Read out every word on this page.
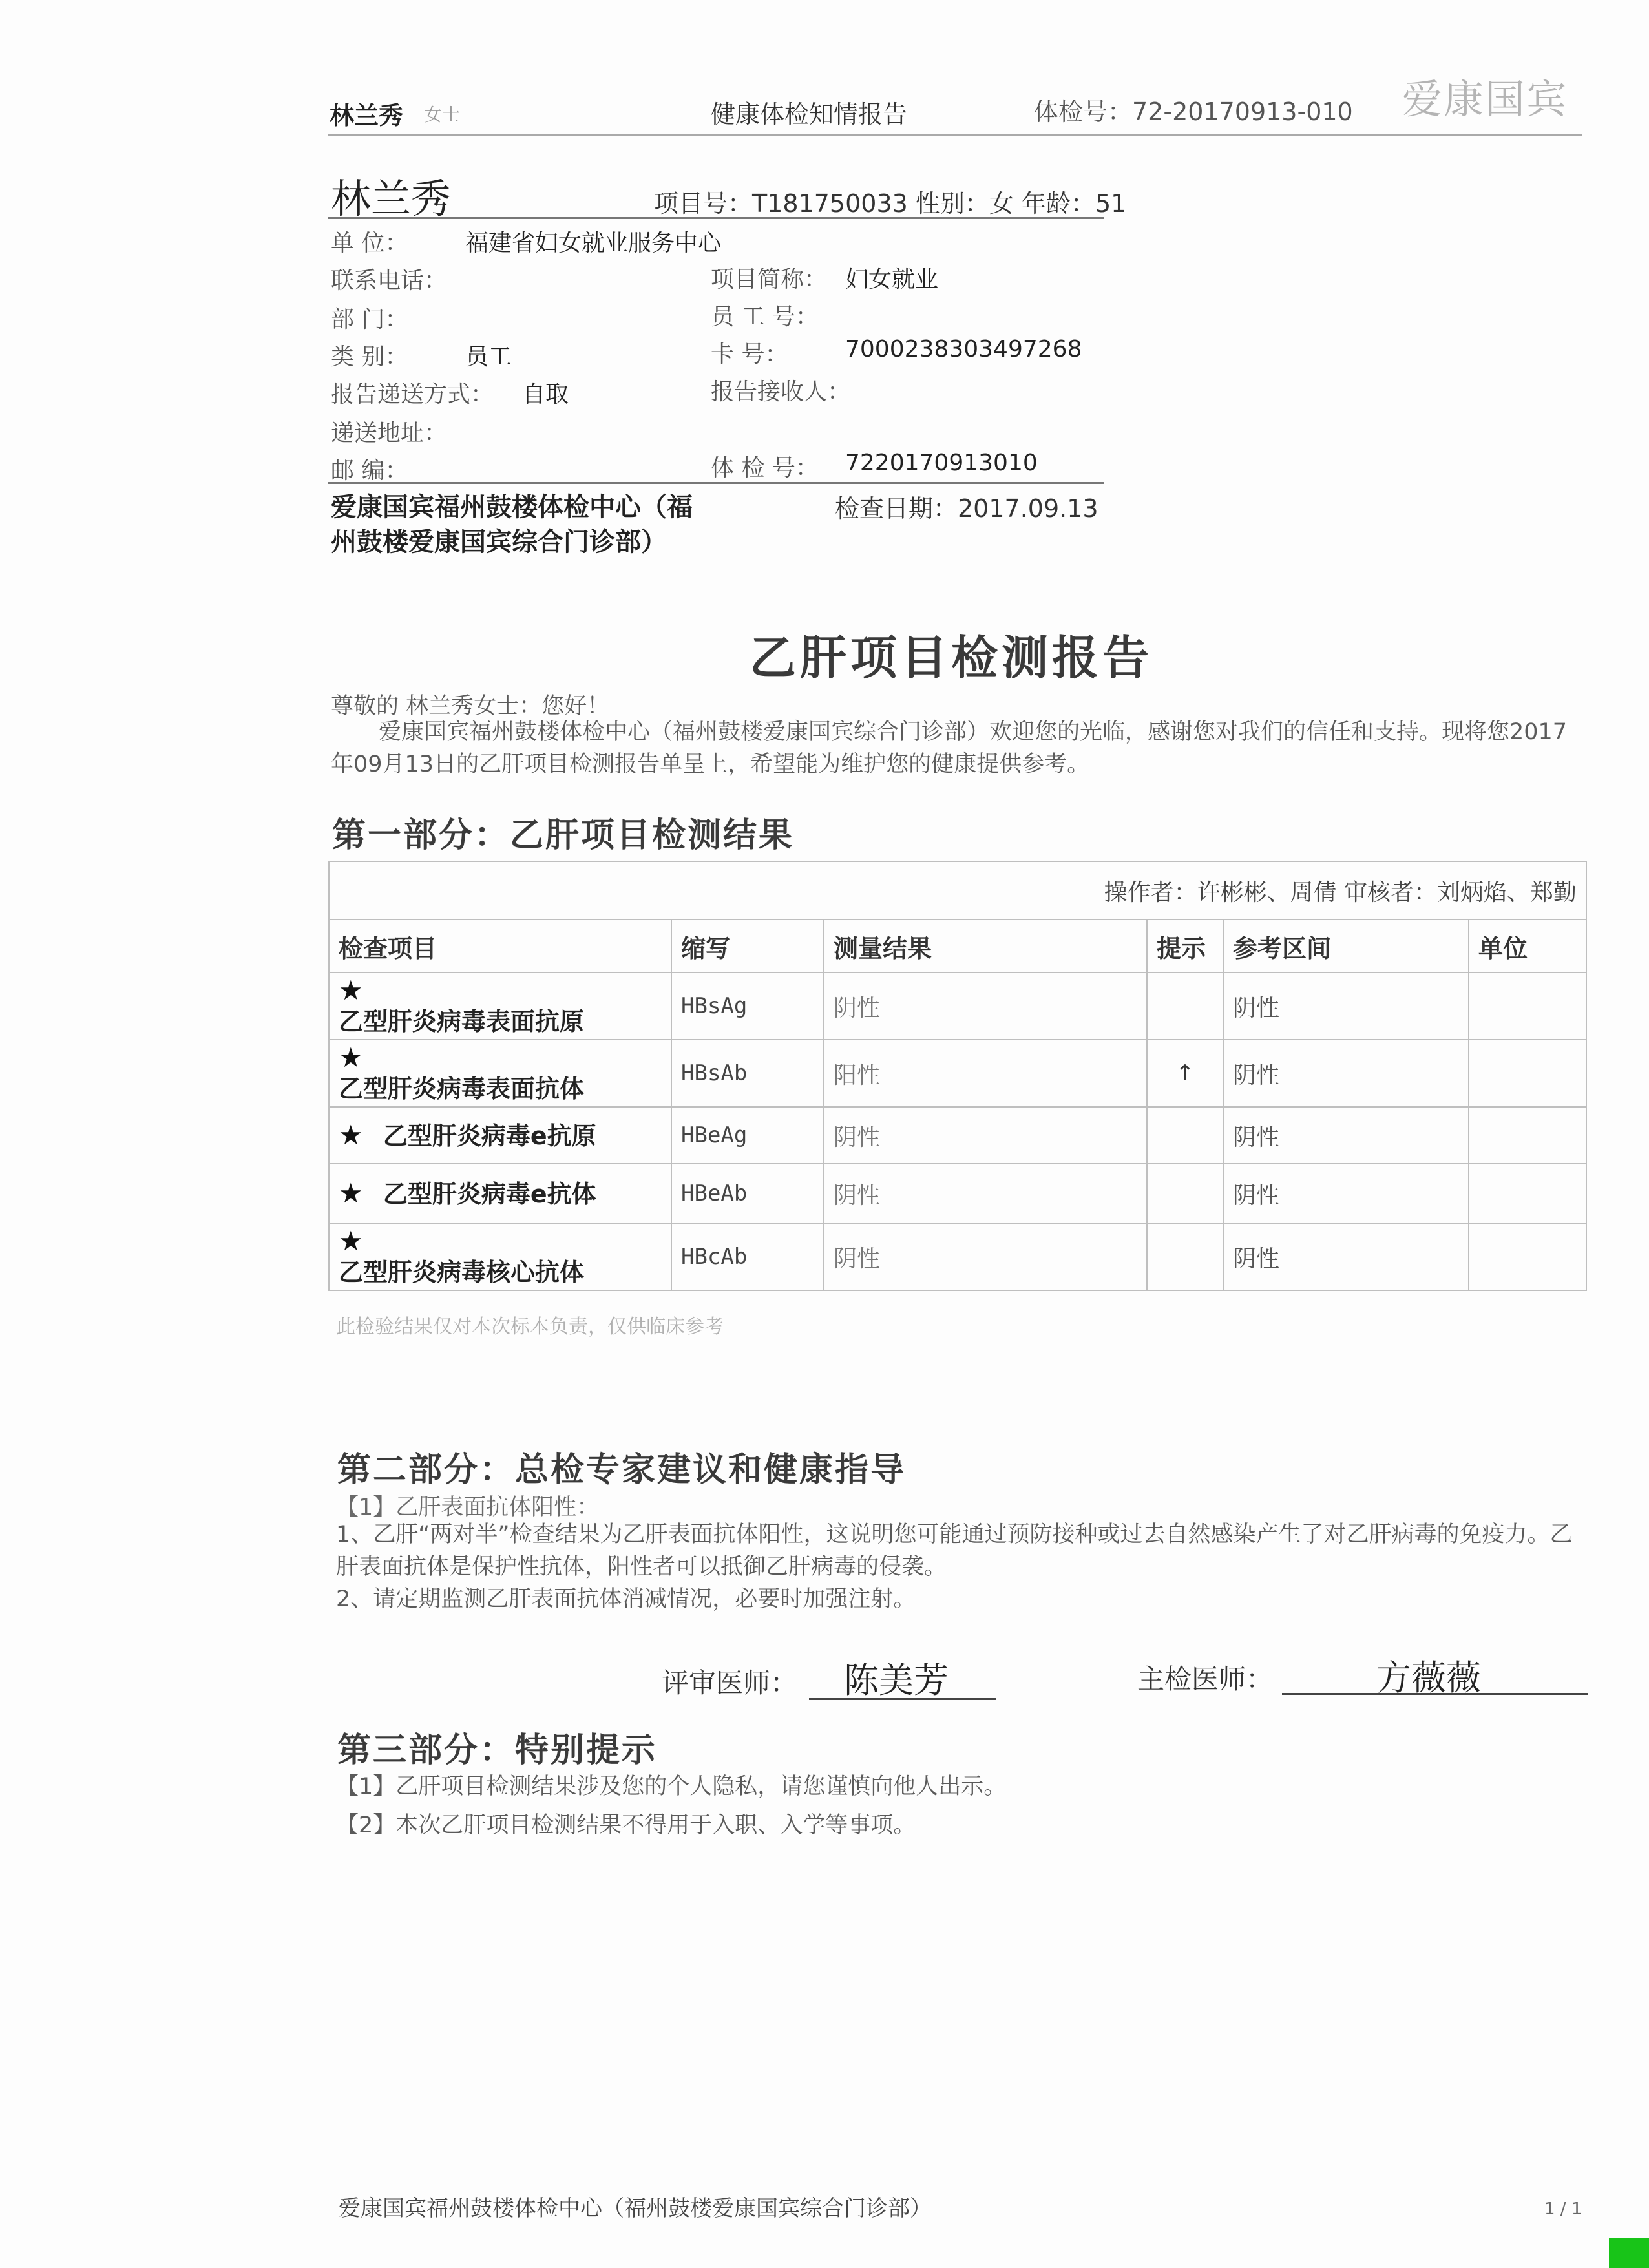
林兰秀 女士	健康体检知情报告	体检号：72-20170913-010 爱康国宾
林兰秀	项目号：T181750033 性别：女 年龄：51
单 位： 福建省妇女就业服务中心
联系电话：	项目简称： 妇女就业
部 门：	员 工 号：
类 别： 员工	卡 号： 7000238303497268
报告递送方式： 自取	报告接收人：
递送地址：
邮 编：	体 检 号： 7220170913010
爱康国宾福州鼓楼体检中心（福州鼓楼爱康国宾综合门诊部）
检查日期：2017.09.13
乙肝项目检测报告
尊敬的 林兰秀女士：您好！
爱康国宾福州鼓楼体检中心（福州鼓楼爱康国宾综合门诊部）欢迎您的光临，感谢您对我们的信任和支持。现将您2017年09月13日的乙肝项目检测报告单呈上，希望能为维护您的健康提供参考。
第一部分：乙肝项目检测结果
操作者：许彬彬、周倩 审核者：刘炳焰、郑勤					
检查项目	缩写	测量结果	提示	参考区间	单位

★
乙型肝炎病毒表面抗原	HBsAg	阴性		阴性	

★
乙型肝炎病毒表面抗体	HBsAb	阳性	↑	阴性	
★ 乙型肝炎病毒e抗原	HBeAg	阴性		阴性	
★ 乙型肝炎病毒e抗体	HBeAb	阴性		阴性	

★
乙型肝炎病毒核心抗体	HBcAb	阴性		阴性	
此检验结果仅对本次标本负责，仅供临床参考
第二部分：总检专家建议和健康指导
【1】乙肝表面抗体阳性：
1、乙肝“两对半”检查结果为乙肝表面抗体阳性，这说明您可能通过预防接种或过去自然感染产生了对乙肝病毒的免疫力。乙肝表面抗体是保护性抗体，阳性者可以抵御乙肝病毒的侵袭。
2、请定期监测乙肝表面抗体消减情况，必要时加强注射。
评审医师： 陈美芳	主检医师：	方薇薇
第三部分：特别提示
【1】乙肝项目检测结果涉及您的个人隐私，请您谨慎向他人出示。
【2】本次乙肝项目检测结果不得用于入职、入学等事项。
爱康国宾福州鼓楼体检中心（福州鼓楼爱康国宾综合门诊部）	1 / 1
